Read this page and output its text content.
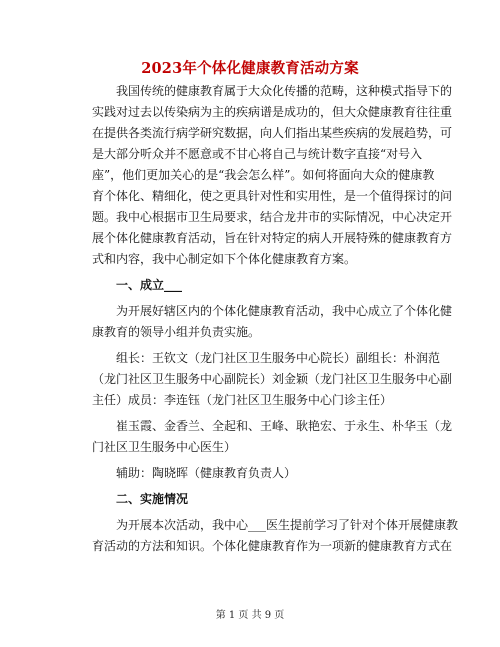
2023年个体化健康教育活动方案
　　我国传统的健康教育属于大众化传播的范畴，这种模式指导下的
实践对过去以传染病为主的疾病谱是成功的，但大众健康教育往往重
在提供各类流行病学研究数据，向人们指出某些疾病的发展趋势，可
是大部分听众并不愿意或不甘心将自己与统计数字直接“对号入
座”，他们更加关心的是“我会怎么样”。如何将面向大众的健康教
育个体化、精细化，使之更具针对性和实用性，是一个值得探讨的问
题。我中心根据市卫生局要求，结合龙井市的实际情况，中心决定开
展个体化健康教育活动，旨在针对特定的病人开展特殊的健康教育方
式和内容，我中心制定如下个体化健康教育方案。
　　一、成立___
　　为开展好辖区内的个体化健康教育活动，我中心成立了个体化健
康教育的领导小组并负责实施。
　　组长：王钦文（龙门社区卫生服务中心院长）副组长：朴润范
（龙门社区卫生服务中心副院长）刘金颖（龙门社区卫生服务中心副
主任）成员：李连钰（龙门社区卫生服务中心门诊主任）
　　崔玉霞、金香兰、全起和、王峰、耿艳宏、于永生、朴华玉（龙
门社区卫生服务中心医生）
　　辅助：陶晓晖（健康教育负责人）
　　二、实施情况
　　为开展本次活动，我中心___医生提前学习了针对个体开展健康教
育活动的方法和知识。个体化健康教育作为一项新的健康教育方式在
第 1 页 共 9 页
